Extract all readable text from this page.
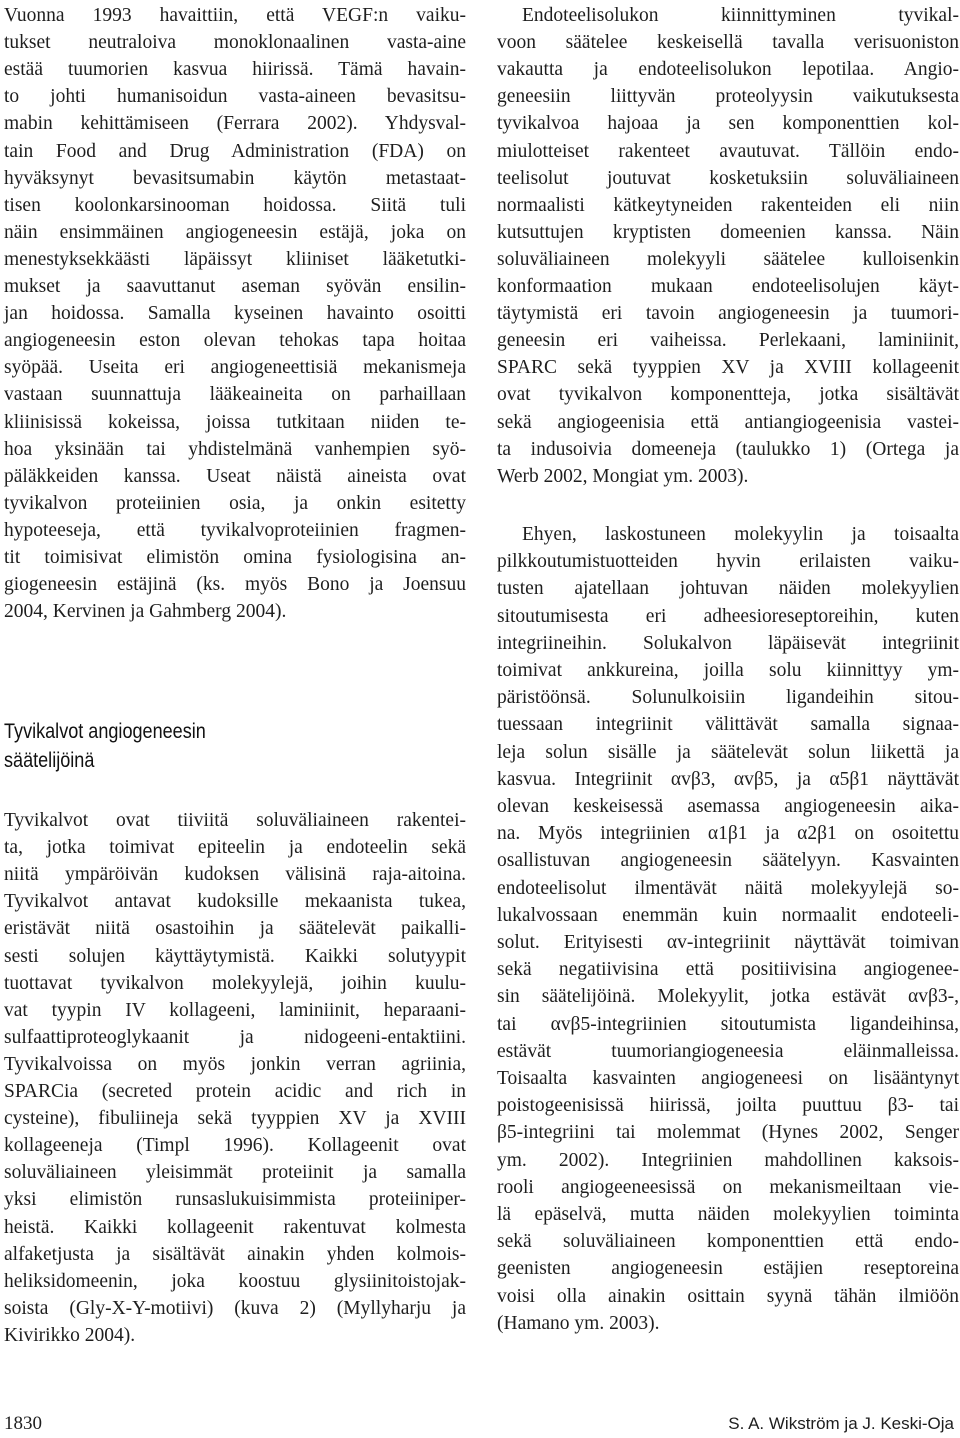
Vuonna 1993 havaittiin, että VEGF:n vaiku-
tukset neutraloiva monoklonaalinen vasta-aine
estää tuumorien kasvua hiirissä. Tämä havain-
to johti humanisoidun vasta-aineen bevasitsu-
mabin kehittämiseen (Ferrara 2002). Yhdysval-
tain Food and Drug Administration (FDA) on
hyväksynyt bevasitsumabin käytön metastaat-
tisen koolonkarsinooman hoidossa. Siitä tuli
näin ensimmäinen angiogeneesin estäjä, joka on
menestyksekkäästi läpäissyt kliiniset lääketutki-
mukset ja saavuttanut aseman syövän ensilin-
jan hoidossa. Samalla kyseinen havainto osoitti
angiogeneesin eston olevan tehokas tapa hoitaa
syöpää. Useita eri angiogeneettisiä mekanismeja
vastaan suunnattuja lääkeaineita on parhaillaan
kliinisissä kokeissa, joissa tutkitaan niiden te-
hoa yksinään tai yhdistelmänä vanhempien syö-
päläkkeiden kanssa. Useat näistä aineista ovat
tyvikalvon proteiinien osia, ja onkin esitetty
hypoteeseja, että tyvikalvoproteiinien fragmen-
tit toimisivat elimistön omina fysiologisina an-
giogeneesin estäjinä (ks. myös Bono ja Joensuu
2004, Kervinen ja Gahmberg 2004).
Tyvikalvot angiogeneesin
säätelijöinä
Tyvikalvot ovat tiiviitä soluväliaineen rakentei-
ta, jotka toimivat epiteelin ja endoteelin sekä
niitä ympäröivän kudoksen välisinä raja-aitoina.
Tyvikalvot antavat kudoksille mekaanista tukea,
eristävät niitä osastoihin ja säätelevät paikalli-
sesti solujen käyttäytymistä. Kaikki solutyypit
tuottavat tyvikalvon molekyylejä, joihin kuulu-
vat tyypin IV kollageeni, laminiinit, heparaani-
sulfaattiproteoglykaanit ja nidogeeni-entaktiini.
Tyvikalvoissa on myös jonkin verran agriinia,
SPARCia (secreted protein acidic and rich in
cysteine), fibuliineja sekä tyyppien XV ja XVIII
kollageeneja (Timpl 1996). Kollageenit ovat
soluväliaineen yleisimmät proteiinit ja samalla
yksi elimistön runsaslukuisimmista proteiiniper-
heistä. Kaikki kollageenit rakentuvat kolmesta
alfaketjusta ja sisältävät ainakin yhden kolmois-
heliksidomeenin, joka koostuu glysiinitoistojak-
soista (Gly-X-Y-motiivi) (kuva 2) (Myllyharju ja
Kivirikko 2004).
Endoteelisolukon kiinnittyminen tyvikal-
voon säätelee keskeisellä tavalla verisuoniston
vakautta ja endoteelisolukon lepotilaa. Angio-
geneesiin liittyvän proteolyysin vaikutuksesta
tyvikalvoa hajoaa ja sen komponenttien kol-
miulotteiset rakenteet avautuvat. Tällöin endo-
teelisolut joutuvat kosketuksiin soluväliaineen
normaalisti kätkeytyneiden rakenteiden eli niin
kutsuttujen kryptisten domeenien kanssa. Näin
soluväliaineen molekyyli säätelee kulloisenkin
konformaation mukaan endoteelisolujen käyt-
täytymistä eri tavoin angiogeneesin ja tuumori-
geneesin eri vaiheissa. Perlekaani, laminiinit,
SPARC sekä tyyppien XV ja XVIII kollageenit
ovat tyvikalvon komponentteja, jotka sisältävät
sekä angiogeenisia että antiangiogeenisia vastei-
ta indusoivia domeeneja (taulukko 1) (Ortega ja
Werb 2002, Mongiat ym. 2003).
Ehyen, laskostuneen molekyylin ja toisaalta
pilkkoutumistuotteiden hyvin erilaisten vaiku-
tusten ajatellaan johtuvan näiden molekyylien
sitoutumisesta eri adheesioreseptoreihin, kuten
integriineihin. Solukalvon läpäisevät integriinit
toimivat ankkureina, joilla solu kiinnittyy ym-
päristöönsä. Solunulkoisiin ligandeihin sitou-
tuessaan integriinit välittävät samalla signaa-
leja solun sisälle ja säätelevät solun liikettä ja
kasvua. Integriinit αvβ3, αvβ5, ja α5β1 näyttävät
olevan keskeisessä asemassa angiogeneesin aika-
na. Myös integriinien α1β1 ja α2β1 on osoitettu
osallistuvan angiogeneesin säätelyyn. Kasvainten
endoteelisolut ilmentävät näitä molekyylejä so-
lukalvossaan enemmän kuin normaalit endoteeli-
solut. Erityisesti αv-integriinit näyttävät toimivan
sekä negatiivisina että positiivisina angiogenee-
sin säätelijöinä. Molekyylit, jotka estävät αvβ3-,
tai αvβ5-integriinien sitoutumista ligandeihinsa,
estävät tuumoriangiogeneesia eläinmalleissa.
Toisaalta kasvainten angiogeneesi on lisääntynyt
poistogeenisissä hiirissä, joilta puuttuu β3- tai
β5-integriini tai molemmat (Hynes 2002, Senger
ym. 2002). Integriinien mahdollinen kaksois-
rooli angiogeeneesissä on mekanismeiltaan vie-
lä epäselvä, mutta näiden molekyylien toiminta
sekä soluväliaineen komponenttien että endo-
geenisten angiogeneesin estäjien reseptoreina
voisi olla ainakin osittain syynä tähän ilmiöön
(Hamano ym. 2003).
1830	S. A. Wikström ja J. Keski-Oja
